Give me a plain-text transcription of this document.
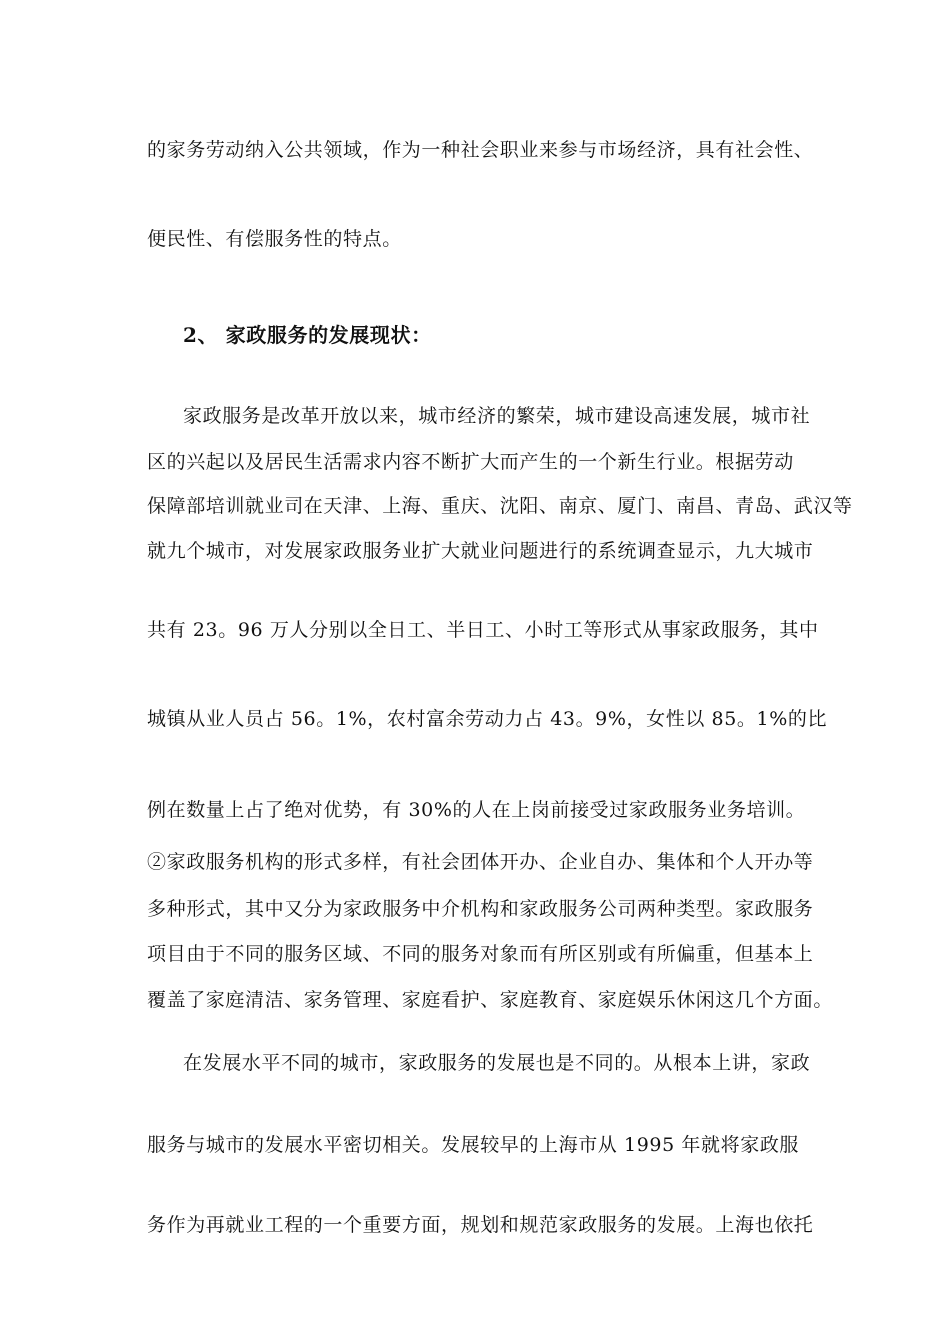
的家务劳动纳入公共领域，作为一种社会职业来参与市场经济，具有社会性、
便民性、有偿服务性的特点。
2、 家政服务的发展现状：
家政服务是改革开放以来，城市经济的繁荣，城市建设高速发展，城市社
区的兴起以及居民生活需求内容不断扩大而产生的一个新生行业。根据劳动
保障部培训就业司在天津、上海、重庆、沈阳、南京、厦门、南昌、青岛、武汉等
就九个城市，对发展家政服务业扩大就业问题进行的系统调查显示，九大城市
共有 23。96 万人分别以全日工、半日工、小时工等形式从事家政服务，其中
城镇从业人员占 56。1%，农村富余劳动力占 43。9%，女性以 85。1%的比
例在数量上占了绝对优势，有 30%的人在上岗前接受过家政服务业务培训。
②家政服务机构的形式多样，有社会团体开办、企业自办、集体和个人开办等
多种形式，其中又分为家政服务中介机构和家政服务公司两种类型。家政服务
项目由于不同的服务区域、不同的服务对象而有所区别或有所偏重，但基本上
覆盖了家庭清洁、家务管理、家庭看护、家庭教育、家庭娱乐休闲这几个方面。
在发展水平不同的城市，家政服务的发展也是不同的。从根本上讲，家政
服务与城市的发展水平密切相关。发展较早的上海市从 1995 年就将家政服
务作为再就业工程的一个重要方面，规划和规范家政服务的发展。上海也依托
